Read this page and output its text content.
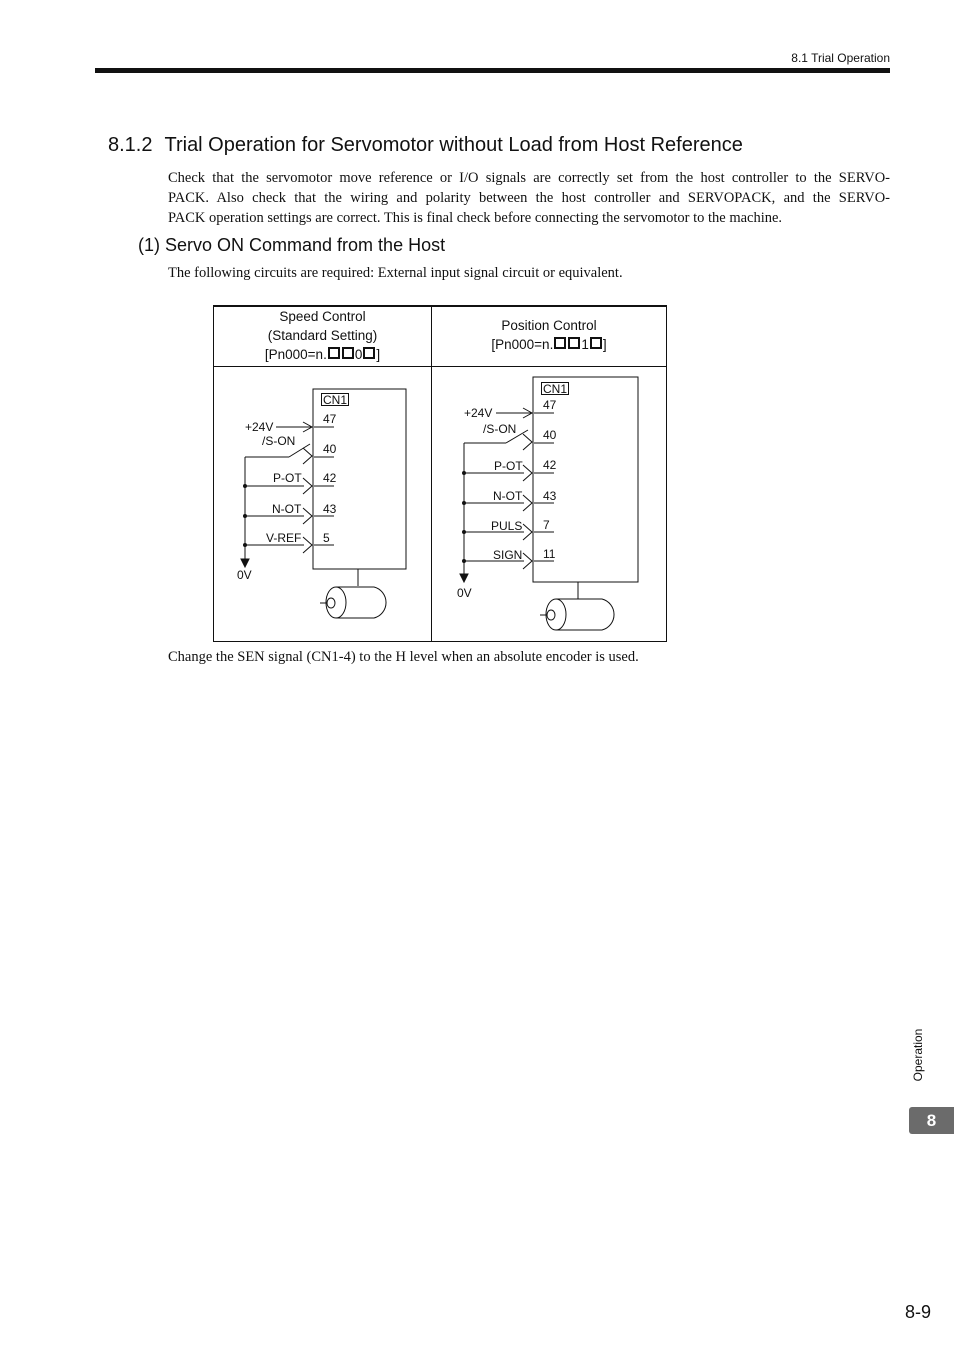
8.1 Trial Operation
8.1.2 Trial Operation for Servomotor without Load from Host Reference
Check that the servomotor move reference or I/O signals are correctly set from the host controller to the SERVO-
PACK. Also check that the wiring and polarity between the host controller and SERVOPACK, and the SERVO-
PACK operation settings are correct. This is final check before connecting the servomotor to the machine.
(1) Servo ON Command from the Host
The following circuits are required: External input signal circuit or equivalent.
Speed Control
(Standard Setting)
[Pn000=n. 0 ]
Position Control
[Pn000=n. 1 ]
CN1
+24V
47
/S-ON
40
P-OT 42
N-OT 43
V-REF 5
0V
CN1
+24V
47
/S-ON 40
P-OT 42
N-OT 43
PULS 7
SIGN 11
0V
Change the SEN signal (CN1-4) to the H level when an absolute encoder is used.
Operation
8
8-9
